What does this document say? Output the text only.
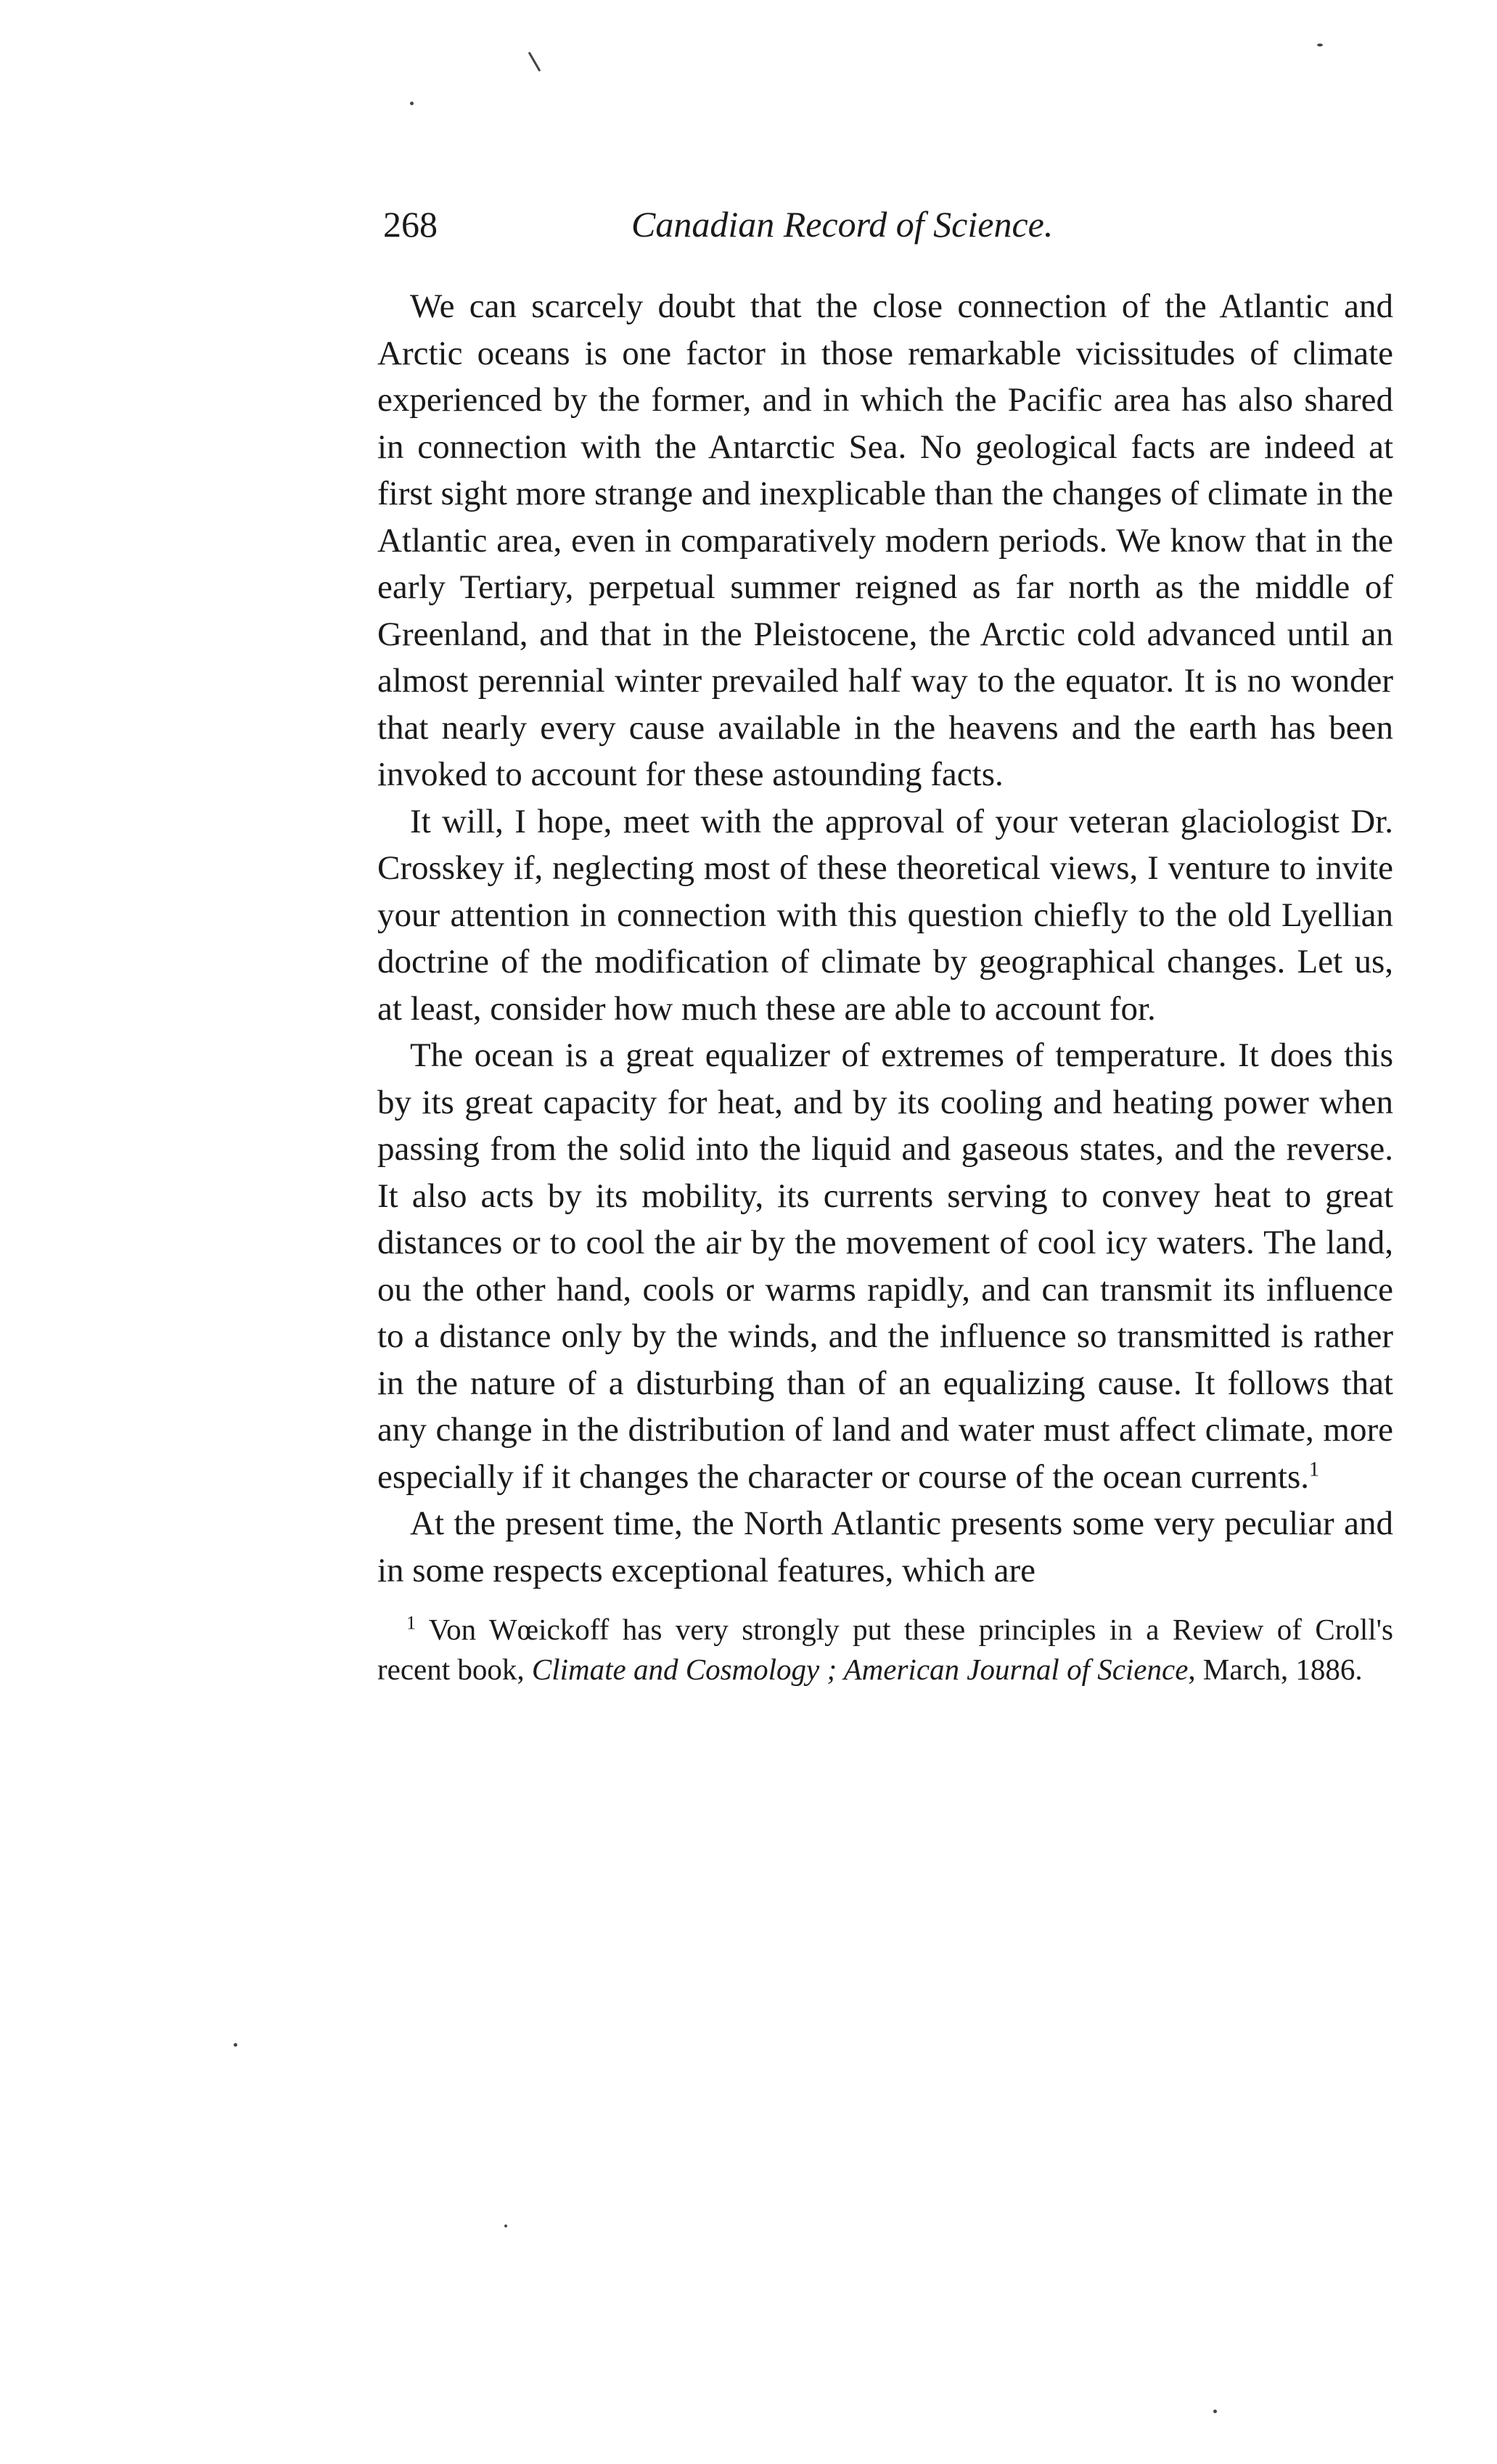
268	Canadian Record of Science.

We can scarcely doubt that the close connection of the Atlantic and Arctic oceans is one factor in those remarkable vicissitudes of climate experienced by the former, and in which the Pacific area has also shared in connection with the Antarctic Sea. No geological facts are indeed at first sight more strange and inexplicable than the changes of climate in the Atlantic area, even in comparatively modern periods. We know that in the early Tertiary, perpetual summer reigned as far north as the middle of Greenland, and that in the Pleistocene, the Arctic cold advanced until an almost perennial winter prevailed half way to the equator. It is no wonder that nearly every cause available in the heavens and the earth has been invoked to account for these astounding facts.

It will, I hope, meet with the approval of your veteran glaciologist Dr. Crosskey if, neglecting most of these theoretical views, I venture to invite your attention in connection with this question chiefly to the old Lyellian doctrine of the modification of climate by geographical changes. Let us, at least, consider how much these are able to account for.

The ocean is a great equalizer of extremes of temperature. It does this by its great capacity for heat, and by its cooling and heating power when passing from the solid into the liquid and gaseous states, and the reverse. It also acts by its mobility, its currents serving to convey heat to great distances or to cool the air by the movement of cool icy waters. The land, ou the other hand, cools or warms rapidly, and can transmit its influence to a distance only by the winds, and the influence so transmitted is rather in the nature of a disturbing than of an equalizing cause. It follows that any change in the distribution of land and water must affect climate, more especially if it changes the character or course of the ocean currents.$^1$

At the present time, the North Atlantic presents some very peculiar and in some respects exceptional features, which are

$^1$ Von Wœickoff has very strongly put these principles in a Review of Croll's recent book, Climate and Cosmology ; American Journal of Science, March, 1886.
